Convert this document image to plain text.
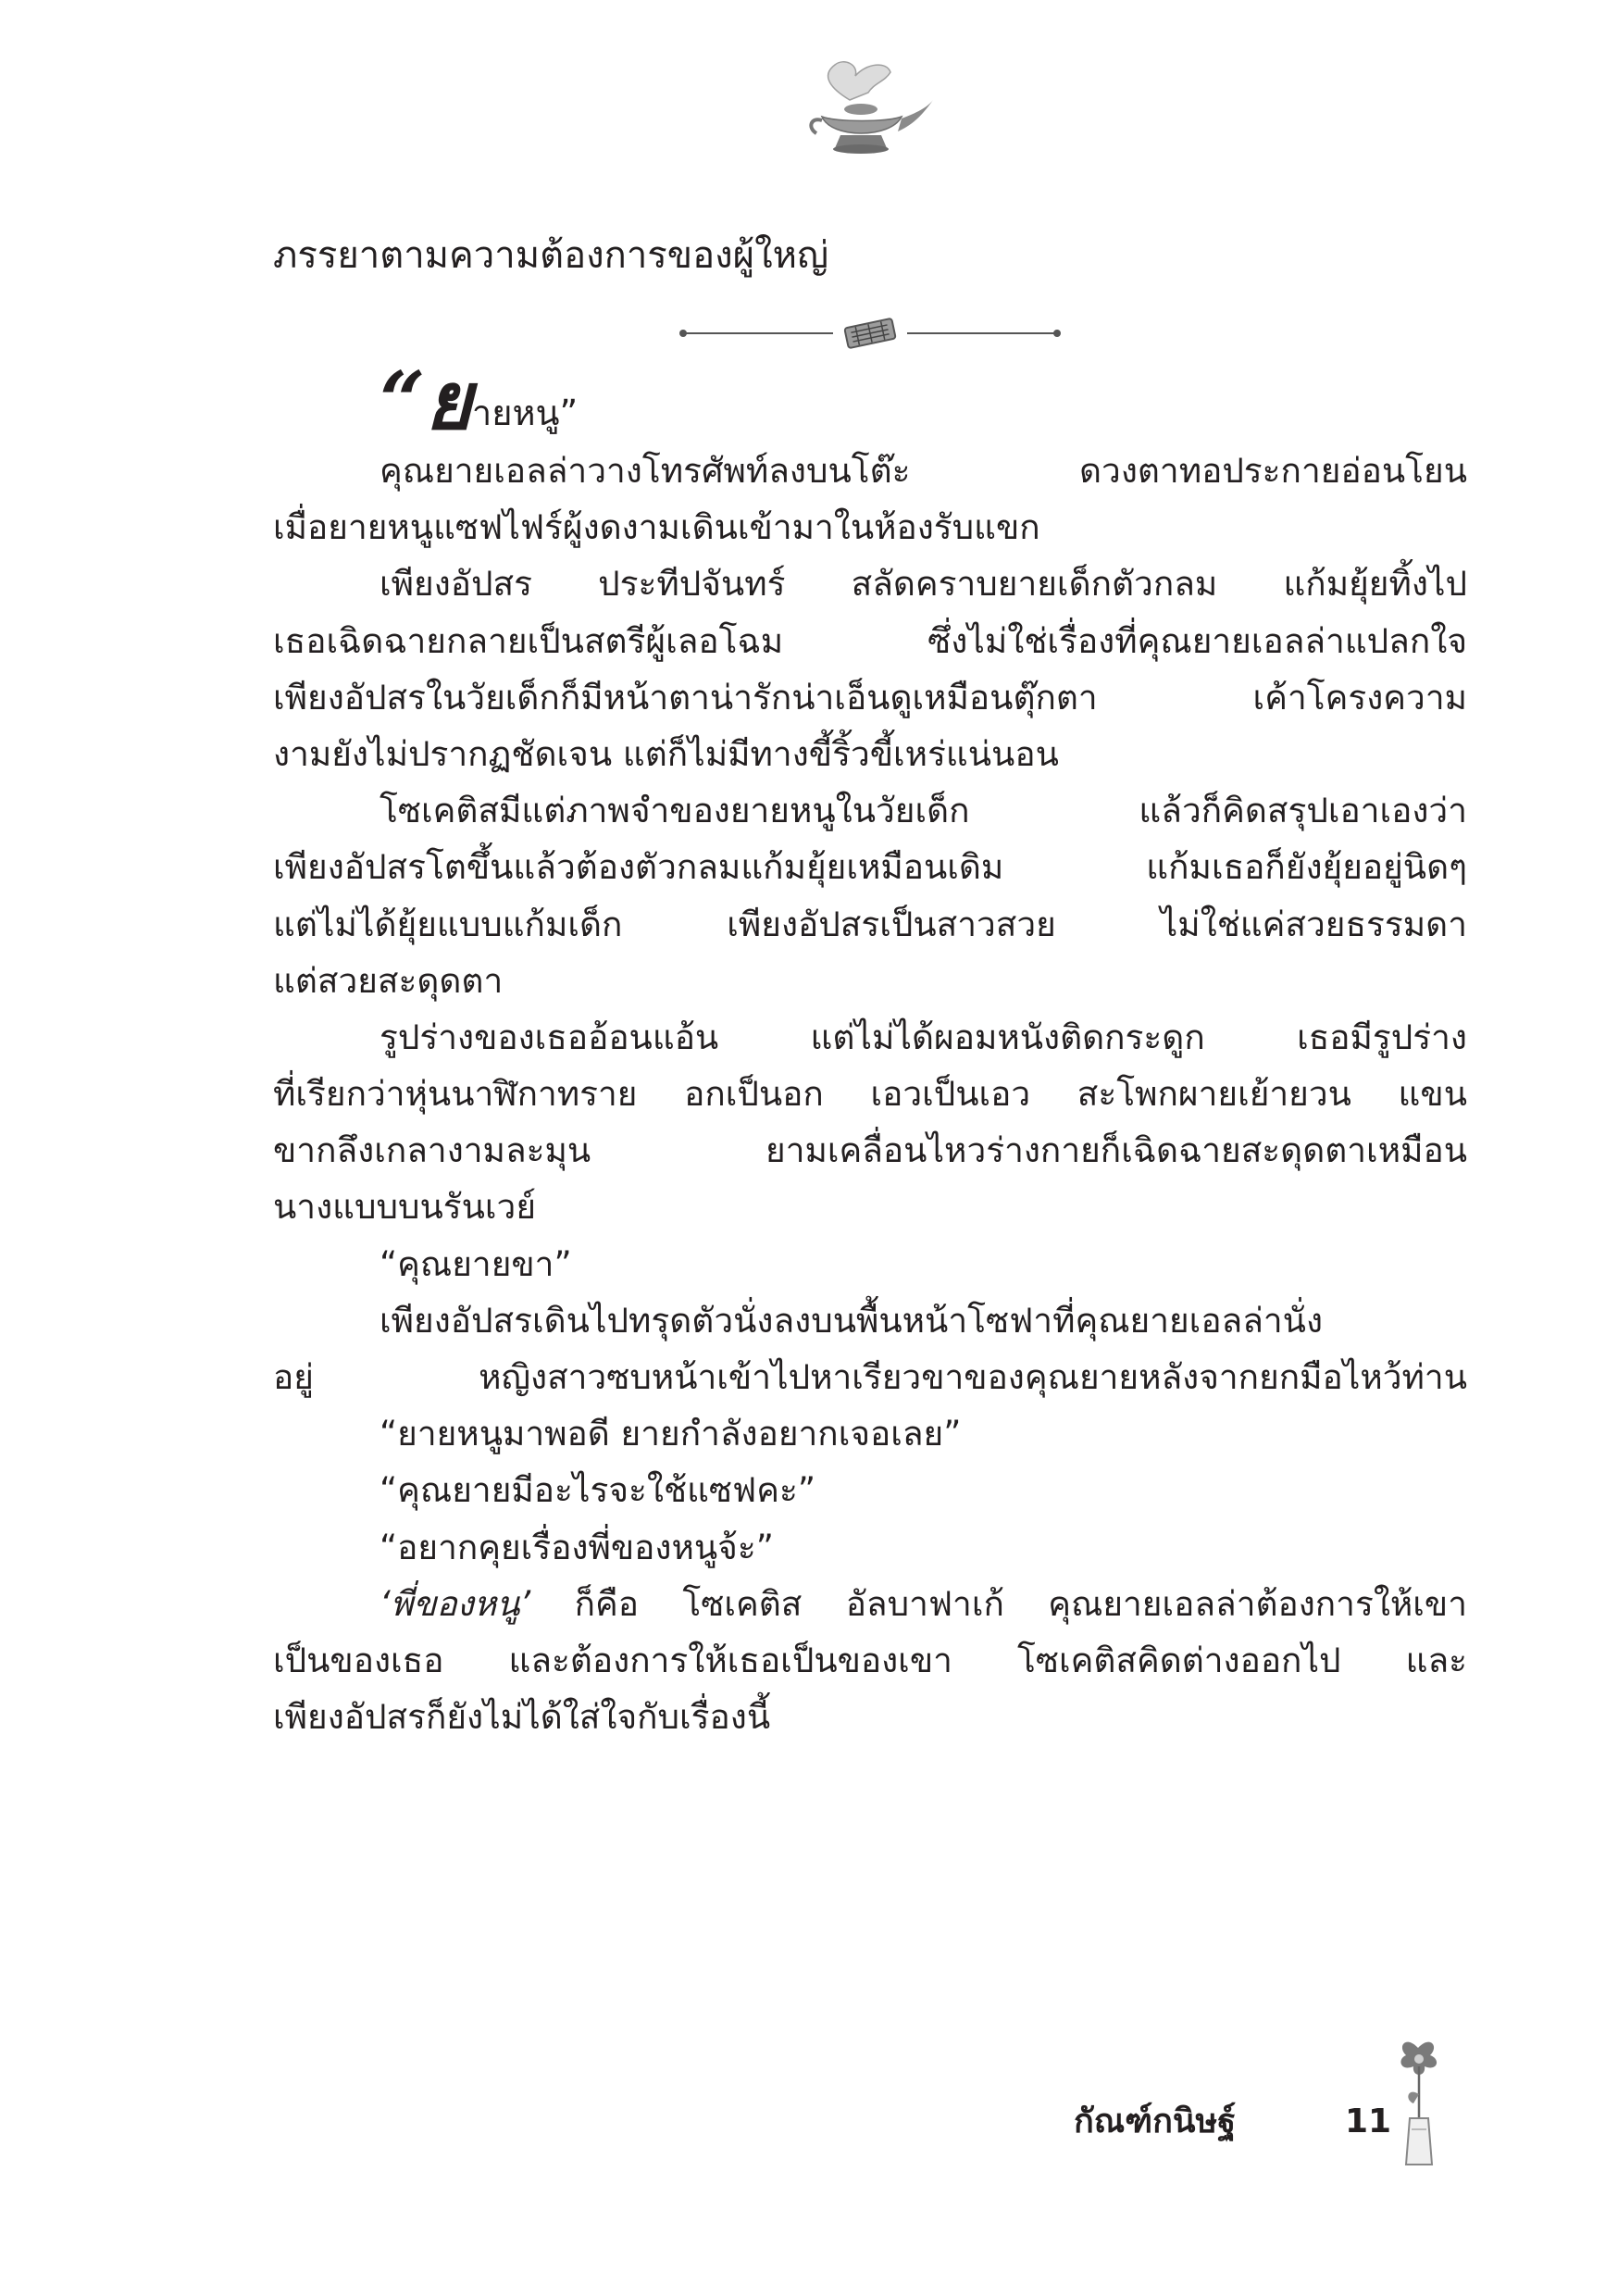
ภรรยาตามความต้องการของผู้ใหญ่
“ย ายหนู”
คุณยายเอลล่าวางโทรศัพท์ลงบนโต๊ะ ดวงตาทอประกายอ่อนโยน
เมื่อยายหนูแซฟไฟร์ผู้งดงามเดินเข้ามาในห้องรับแขก
เพียงอัปสร ประทีปจันทร์ สลัดคราบยายเด็กตัวกลม แก้มยุ้ยทิ้งไป
เธอเฉิดฉายกลายเป็นสตรีผู้เลอโฉม ซึ่งไม่ใช่เรื่องที่คุณยายเอลล่าแปลกใจ
เพียงอัปสรในวัยเด็กก็มีหน้าตาน่ารักน่าเอ็นดูเหมือนตุ๊กตา เค้าโครงความ
งามยังไม่ปรากฏชัดเจน แต่ก็ไม่มีทางขี้ริ้วขี้เหร่แน่นอน
โซเคติสมีแต่ภาพจำของยายหนูในวัยเด็ก แล้วก็คิดสรุปเอาเองว่า
เพียงอัปสรโตขึ้นแล้วต้องตัวกลมแก้มยุ้ยเหมือนเดิม แก้มเธอก็ยังยุ้ยอยู่นิดๆ
แต่ไม่ได้ยุ้ยแบบแก้มเด็ก เพียงอัปสรเป็นสาวสวย ไม่ใช่แค่สวยธรรมดา
แต่สวยสะดุดตา
รูปร่างของเธออ้อนแอ้น แต่ไม่ได้ผอมหนังติดกระดูก เธอมีรูปร่าง
ที่เรียกว่าหุ่นนาฬิกาทราย อกเป็นอก เอวเป็นเอว สะโพกผายเย้ายวน แขน
ขากลึงเกลางามละมุน ยามเคลื่อนไหวร่างกายก็เฉิดฉายสะดุดตาเหมือน
นางแบบบนรันเวย์
“คุณยายขา”
เพียงอัปสรเดินไปทรุดตัวนั่งลงบนพื้นหน้าโซฟาที่คุณยายเอลล่านั่ง
อยู่ หญิงสาวซบหน้าเข้าไปหาเรียวขาของคุณยายหลังจากยกมือไหว้ท่าน
“ยายหนูมาพอดี ยายกำลังอยากเจอเลย”
“คุณยายมีอะไรจะใช้แซฟคะ”
“อยากคุยเรื่องพี่ของหนูจ้ะ”
‘พี่ของหนู’ ก็คือ โซเคติส อัลบาฟาเก้ คุณยายเอลล่าต้องการให้เขา
เป็นของเธอ และต้องการให้เธอเป็นของเขา โซเคติสคิดต่างออกไป และ
เพียงอัปสรก็ยังไม่ได้ใส่ใจกับเรื่องนี้
กัณฑ์กนิษฐ์	11
